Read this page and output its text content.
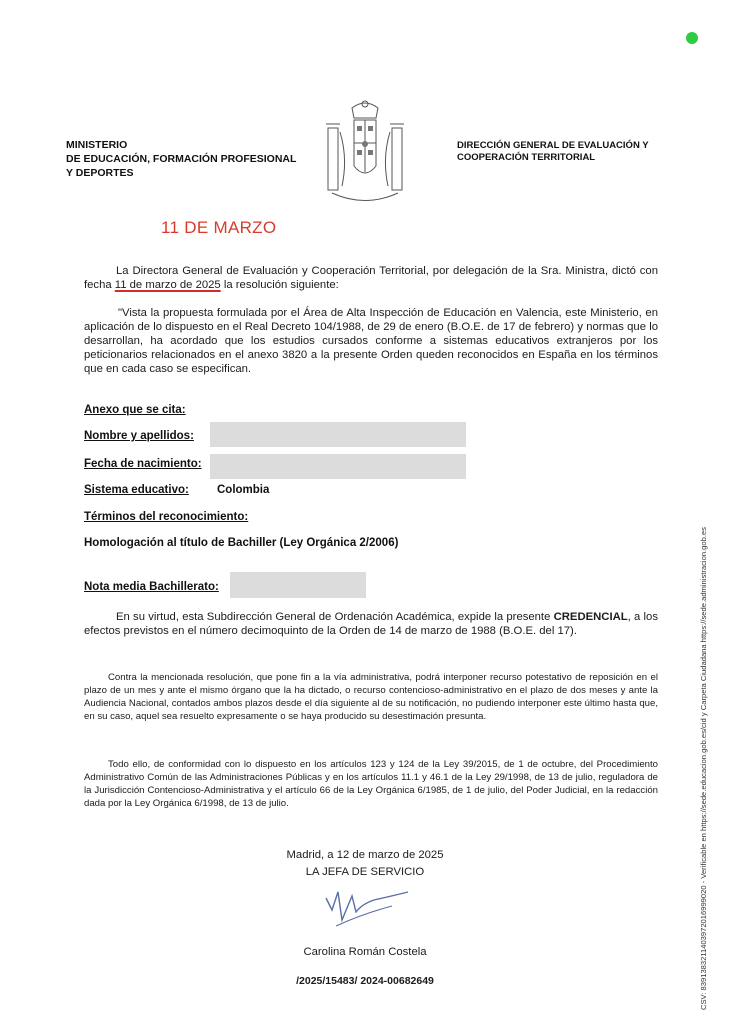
MINISTERIO
DE EDUCACIÓN, FORMACIÓN PROFESIONAL
Y DEPORTES
DIRECCIÓN GENERAL DE EVALUACIÓN Y
COOPERACIÓN TERRITORIAL
11 DE MARZO
La Directora General de Evaluación y Cooperación Territorial, por delegación de la Sra. Ministra, dictó con fecha 11 de marzo de 2025 la resolución siguiente:
"Vista la propuesta formulada por el Área de Alta Inspección de Educación en Valencia, este Ministerio, en aplicación de lo dispuesto en el Real Decreto 104/1988, de 29 de enero (B.O.E. de 17 de febrero) y normas que lo desarrollan, ha acordado que los estudios cursados conforme a sistemas educativos extranjeros por los peticionarios relacionados en el anexo 3820 a la presente Orden queden reconocidos en España en los términos que en cada caso se especifican.
Anexo que se cita:
Nombre y apellidos:
Fecha de nacimiento:
Sistema educativo: Colombia
Términos del reconocimiento:
Homologación al título de Bachiller (Ley Orgánica 2/2006)
Nota media Bachillerato:
En su virtud, esta Subdirección General de Ordenación Académica, expide la presente CREDENCIAL, a los efectos previstos en el número decimoquinto de la Orden de 14 de marzo de 1988 (B.O.E. del 17).
Contra la mencionada resolución, que pone fin a la vía administrativa, podrá interponer recurso potestativo de reposición en el plazo de un mes y ante el mismo órgano que la ha dictado, o recurso contencioso-administrativo en el plazo de dos meses y ante la Audiencia Nacional, contados ambos plazos desde el día siguiente al de su notificación, no pudiendo interponer este último hasta que, en su caso, aquel sea resuelto expresamente o se haya producido su desestimación presunta.
Todo ello, de conformidad con lo dispuesto en los artículos 123 y 124 de la Ley 39/2015, de 1 de octubre, del Procedimiento Administrativo Común de las Administraciones Públicas y en los artículos 11.1 y 46.1 de la Ley 29/1998, de 13 de julio, reguladora de la Jurisdicción Contencioso-Administrativa y el artículo 66 de la Ley Orgánica 6/1985, de 1 de julio, del Poder Judicial, en la redacción dada por la Ley Orgánica 6/1998, de 13 de julio.
Madrid, a 12 de marzo de 2025
LA JEFA DE SERVICIO
Carolina Román Costela
/2025/15483/ 2024-00682649	CSV: 8391383211403972016999020 - Verificable en https://sede.educacion.gob.es/cid y Carpeta Ciudadana https://sede.administracion.gob.es
